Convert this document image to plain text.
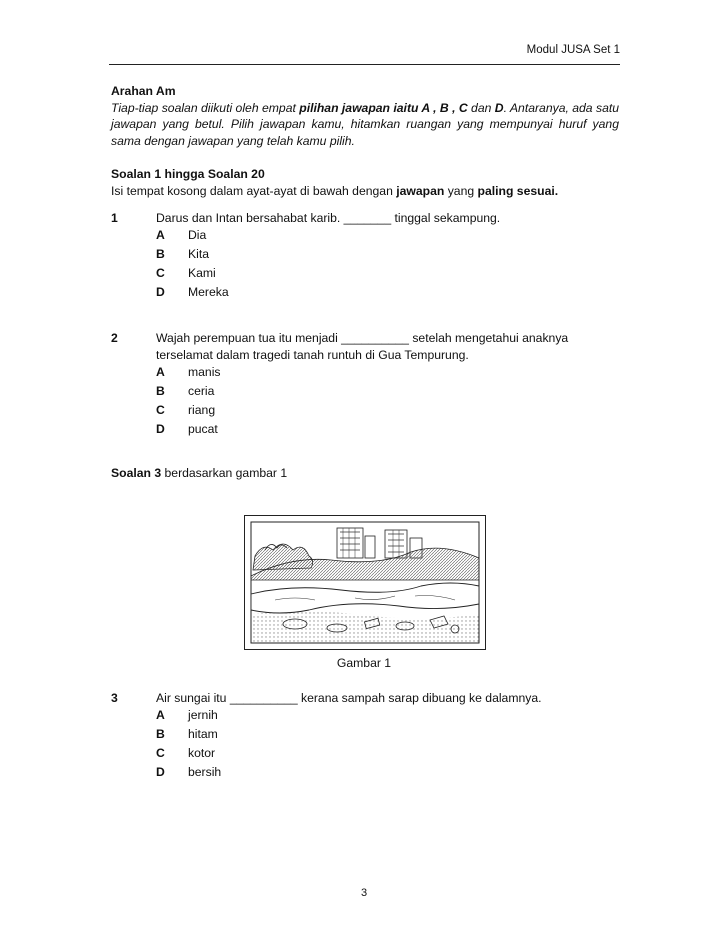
Modul JUSA Set 1
Arahan Am
Tiap-tiap soalan diikuti oleh empat pilihan jawapan iaitu A , B , C dan D. Antaranya, ada satu jawapan yang betul. Pilih jawapan kamu, hitamkan ruangan yang mempunyai huruf yang sama dengan jawapan yang telah kamu pilih.
Soalan 1 hingga Soalan 20
Isi tempat kosong dalam ayat-ayat di bawah dengan jawapan yang paling sesuai.
1	Darus dan Intan bersahabat karib. _______ tinggal sekampung.
A Dia
B Kita
C Kami
D Mereka
2	Wajah perempuan tua itu menjadi __________ setelah mengetahui anaknya terselamat dalam tragedi tanah runtuh di Gua Tempurung.
A manis
B ceria
C riang
D pucat
Soalan 3 berdasarkan gambar 1
Gambar 1
3	Air sungai itu __________ kerana sampah sarap dibuang ke dalamnya.
A jernih
B hitam
C kotor
D bersih
3
